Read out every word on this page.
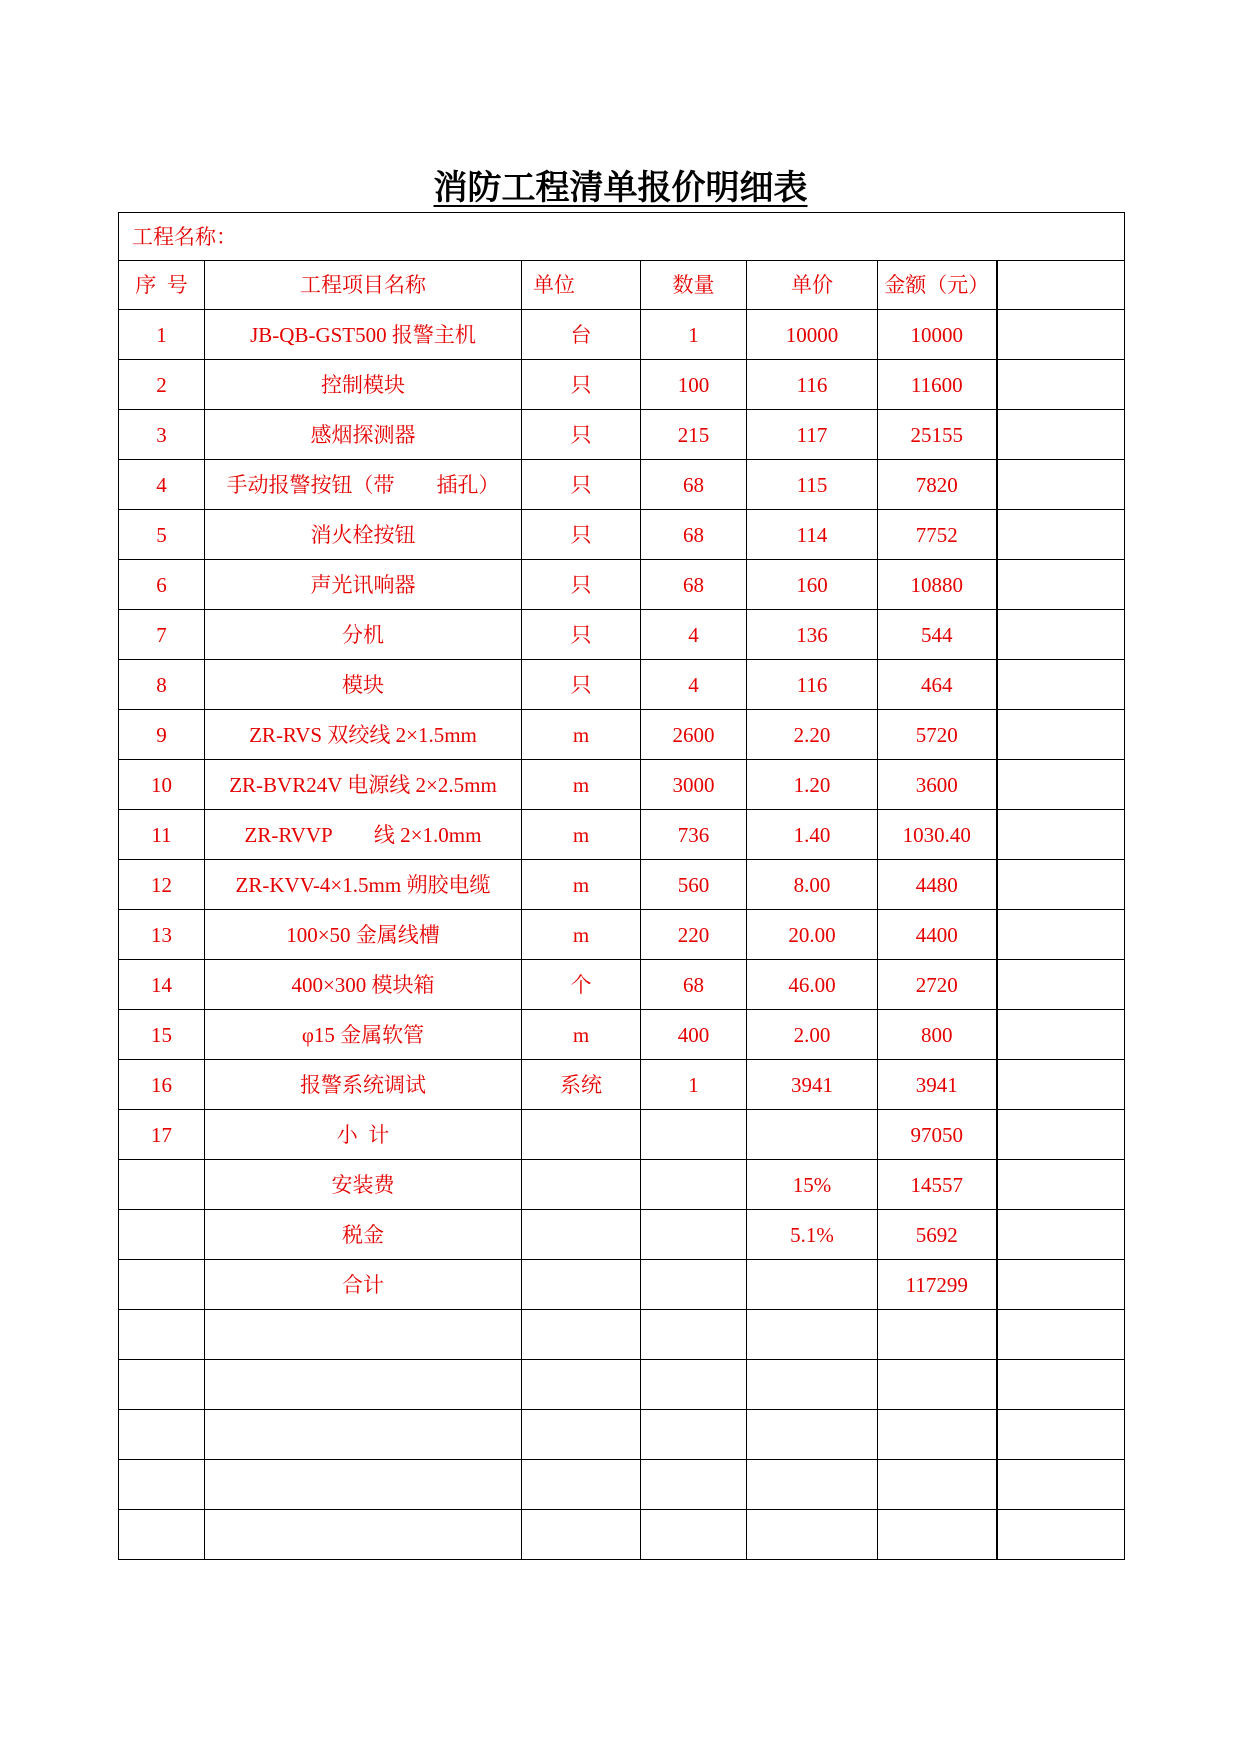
消防工程清单报价明细表
工程名称：						
序  号	工程项目名称	单位	数量	单价	金额（元）	
1	JB-QB-GST500 报警主机	台	1	10000	10000	
2	控制模块	只	100	116	11600	
3	感烟探测器	只	215	117	25155	
4	手动报警按钮（带　　插孔）	只	68	115	7820	
5	消火栓按钮	只	68	114	7752	
6	声光讯响器	只	68	160	10880	
7	分机	只	4	136	544	
8	模块	只	4	116	464	
9	ZR-RVS 双绞线 2×1.5mm	m	2600	2.20	5720	
10	ZR-BVR24V 电源线 2×2.5mm	m	3000	1.20	3600	
11	ZR-RVVP　　线 2×1.0mm	m	736	1.40	1030.40	
12	ZR-KVV-4×1.5mm 朔胶电缆	m	560	8.00	4480	
13	100×50 金属线槽	m	220	20.00	4400	
14	400×300 模块箱	个	68	46.00	2720	
15	φ15 金属软管	m	400	2.00	800	
16	报警系统调试	系统	1	3941	3941	
17	小  计				97050	
	安装费			15%	14557	
	税金			5.1%	5692	
	合计				117299	
